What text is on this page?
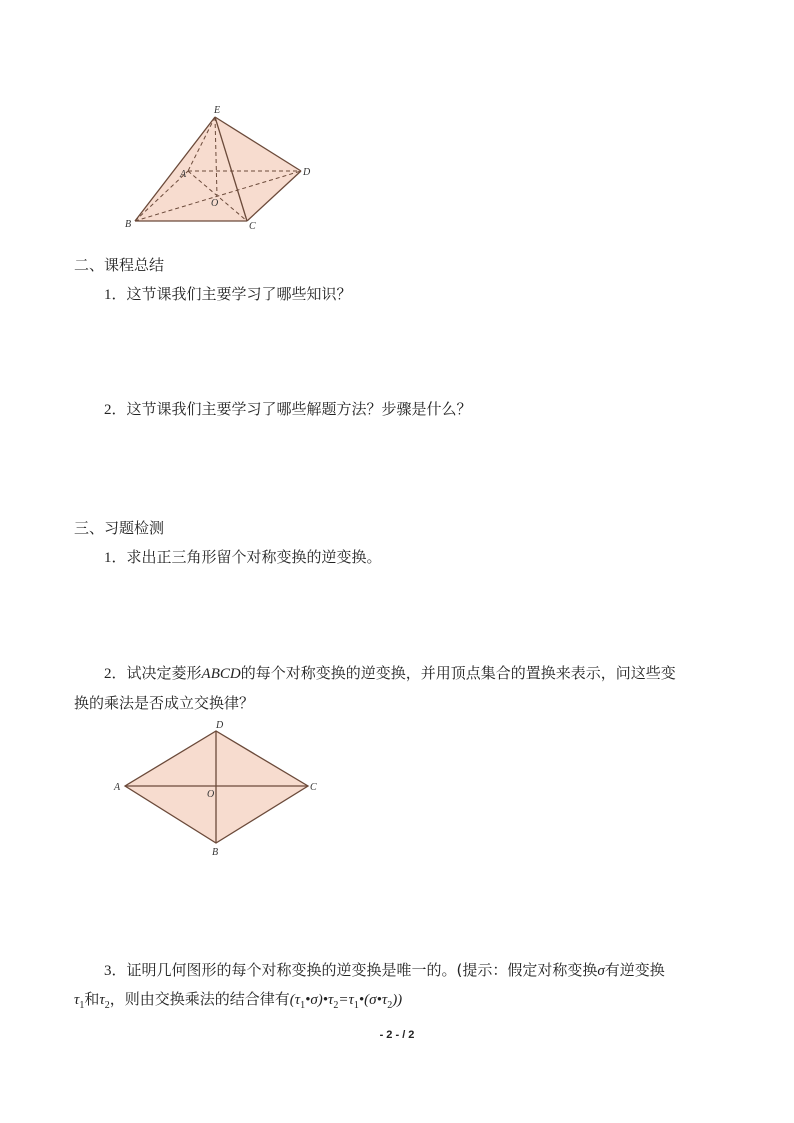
E
A	D
O
B	C
二、课程总结
1．这节课我们主要学习了哪些知识？
2．这节课我们主要学习了哪些解题方法？步骤是什么？
三、习题检测
1．求出正三角形留个对称变换的逆变换。
2．试决定菱形ABCD的每个对称变换的逆变换，并用顶点集合的置换来表示，问这些变
换的乘法是否成立交换律？
D
A
O
C
B
3．证明几何图形的每个对称变换的逆变换是唯一的。(提示：假定对称变换σ有逆变换
$\tau_1$和$\tau_2$，则由交换乘法的结合律有$(\tau_1•\sigma)•\tau_2=\tau_1•(\sigma•\tau_2)$)
- 2 - / 2
